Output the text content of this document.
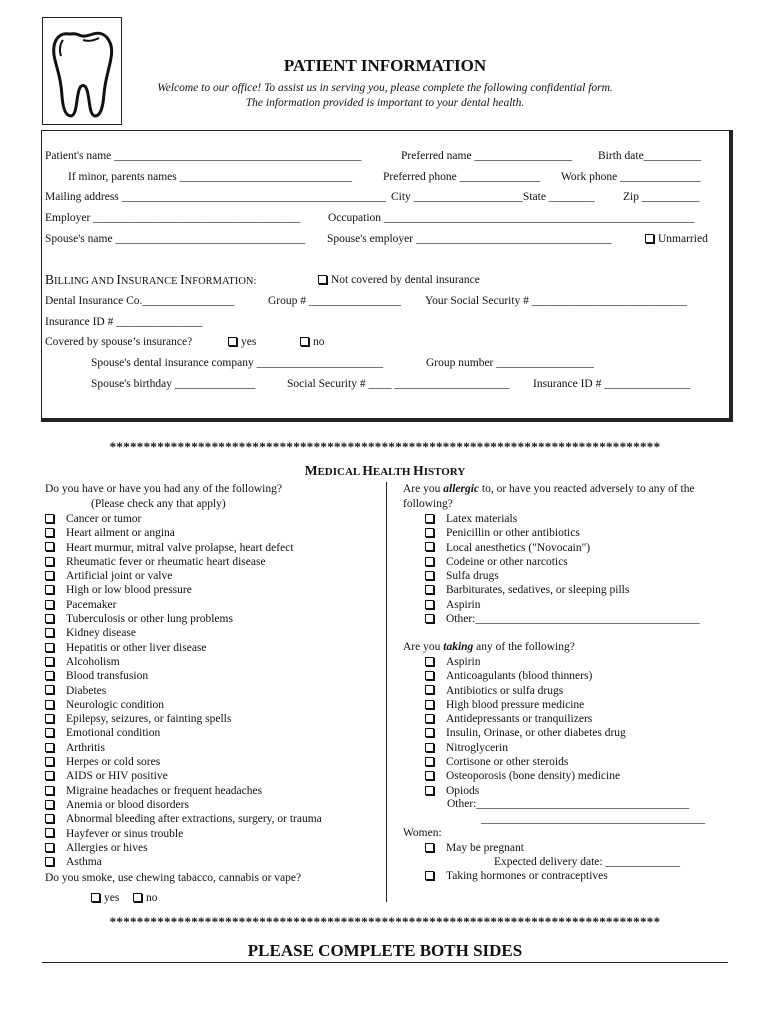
PATIENT INFORMATION
Welcome to our office! To assist us in serving you, please complete the following confidential form.
The information provided is important to your dental health.
Patient's name ___________________________________________	Preferred name _________________ Birth date__________
If minor, parents names ______________________________	Preferred phone ______________ Work phone ______________
Mailing address ______________________________________________ City ___________________State ________ Zip __________
Employer ____________________________________ Occupation ______________________________________________________
Spouse's name _________________________________ Spouse's employer __________________________________	Unmarried
BILLING AND INSURANCE INFORMATION:	Not covered by dental insurance
Dental Insurance Co.________________	Group # ________________ Your Social Security # ___________________________
Insurance ID # _______________
Covered by spouse’s insurance?	yes	no
Spouse's dental insurance company ______________________	Group number _________________
Spouse's birthday ______________	Social Security # ____ ____________________ Insurance ID # _______________
*********************************************************************************
MEDICAL HEALTH HISTORY
Do you have or have you had any of the following?
(Please check any that apply)
Cancer or tumor
Heart ailment or angina
Heart murmur, mitral valve prolapse, heart defect
Rheumatic fever or rheumatic heart disease
Artificial joint or valve
High or low blood pressure
Pacemaker
Tuberculosis or other lung problems
Kidney disease
Hepatitis or other liver disease
Alcoholism
Blood transfusion
Diabetes
Neurologic condition
Epilepsy, seizures, or fainting spells
Emotional condition
Arthritis
Herpes or cold sores
AIDS or HIV positive
Migraine headaches or frequent headaches
Anemia or blood disorders
Abnormal bleeding after extractions, surgery, or trauma
Hayfever or sinus trouble
Allergies or hives
Asthma
Do you smoke, use chewing tabacco, cannabis or vape?
yes	no
Are you allergic to, or have you reacted adversely to any of the
following?
Latex materials
Penicillin or other antibiotics
Local anesthetics ("Novocain")
Codeine or other narcotics
Sulfa drugs
Barbiturates, sedatives, or sleeping pills
Aspirin
Other:_______________________________________
Are you taking any of the following?
Aspirin
Anticoagulants (blood thinners)
Antibiotics or sulfa drugs
High blood pressure medicine
Antidepressants or tranquilizers
Insulin, Orinase, or other diabetes drug
Nitroglycerin
Cortisone or other steroids
Osteoporosis (bone density) medicine
Opiods
Other:_____________________________________
_______________________________________
Women:
May be pregnant
Expected delivery date: _____________
Taking hormones or contraceptives
*********************************************************************************
PLEASE COMPLETE BOTH SIDES
